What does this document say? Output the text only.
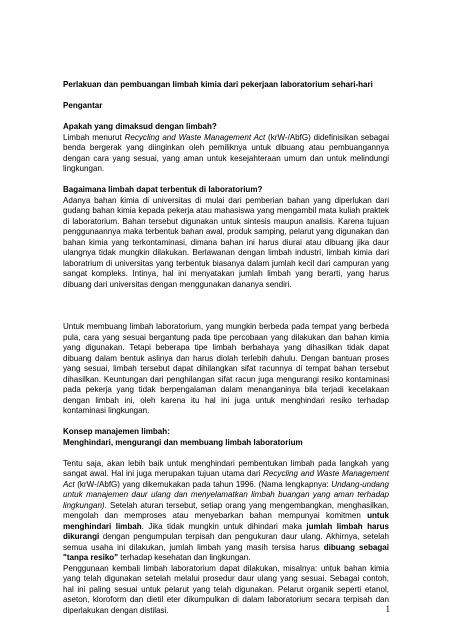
Perlakuan dan pembuangan limbah kimia dari pekerjaan laboratorium sehari-hari

Pengantar

Apakah yang dimaksud dengan limbah?

Limbah menurut Recycling and Waste Management Act (krW-/AbfG) didefinisikan sebagai benda bergerak yang diinginkan oleh pemiliknya untuk dibuang atau pembuangannya dengan cara yang sesuai, yang aman untuk kesejahteraan umum dan untuk melindungi lingkungan.

Bagaimana limbah dapat terbentuk di laboratorium?

Adanya bahan kimia di universitas di mulai dari pemberian bahan yang diperlukan dari gudang bahan kimia kepada pekerja atau mahasiswa yang mengambil mata kuliah praktek di laboratorium. Bahan tersebut digunakan untuk sintesis maupun analisis. Karena tujuan penggunaannya maka terbentuk bahan awal, produk samping, pelarut yang digunakan dan bahan kimia yang terkontaminasi, dimana bahan ini harus diurai atau dibuang jika daur ulangnya tidak mungkin dilakukan. Berlawanan dengan limbah industri, limbah kimia dari laboratrium di universitas yang terbentuk biasanya dalam jumlah kecil dari campuran yang sangat kompleks. Intinya, hal ini menyatakan jumlah limbah yang berarti, yang harus dibuang dari universitas dengan menggunakan dananya sendiri.

Untuk membuang limbah laboratorium, yang mungkin berbeda pada tempat yang berbeda pula, cara yang sesuai bergantung pada tipe percobaan yang dilakukan dan bahan kimia yang digunakan. Tetapi beberapa tipe limbah berbahaya yang dihasilkan tidak dapat dibuang dalam bentuk aslinya dan harus diolah terlebih dahulu. Dengan bantuan proses yang sesuai, limbah tersebut dapat dihilangkan sifat racunnya di tempat bahan tersebut dihasilkan. Keuntungan dari penghilangan sifat racun juga mengurangi resiko kontaminasi pada pekerja yang tidak berpengalaman dalam menanganinya bila terjadi kecelakaan dengan limbah ini, oleh karena itu hal ini juga untuk menghindari resiko terhadap kontaminasi lingkungan.

Konsep manajemen limbah:

Menghindari, mengurangi dan membuang limbah laboratorium

Tentu saja, akan lebih baik untuk menghindari pembentukan limbah pada langkah yang sangat awal. Hal ini juga merupakan tujuan utama dari Recycling and Waste Management Act (krW-/AbfG) yang dikemukakan pada tahun 1996. (Nama lengkapnya: Undang-undang untuk manajemen daur ulang dan menyelamatkan limbah buangan yang aman terhadap lingkungan). Setelah aturan tersebut, setiap orang yang mengembangkan, menghasilkan, mengolah dan memproses atau menyebarkan bahan mempunyai komitmen untuk menghindari limbah. Jika tidak mungkin untuk dihindari maka jumlah limbah harus dikurangi dengan pengumpulan terpisah dan pengukuran daur ulang. Akhirnya, setelah semua usaha ini dilakukan, jumlah limbah yang masih tersisa harus dibuang sebagai "tanpa resiko" terhadap kesehatan dan lingkungan.

Penggunaan kembali limbah laboratorium dapat dilakukan, misalnya: untuk bahan kimia yang telah digunakan setelah melalui prosedur daur ulang yang sesuai. Sebagai contoh, hal ini paling sesuai untuk pelarut yang telah digunakan. Pelarut organik seperti etanol, aseton, kloroform dan dietil eter dikumpulkan di dalam laboratorium secara terpisah dan diperlakukan dengan distilasi.	1
